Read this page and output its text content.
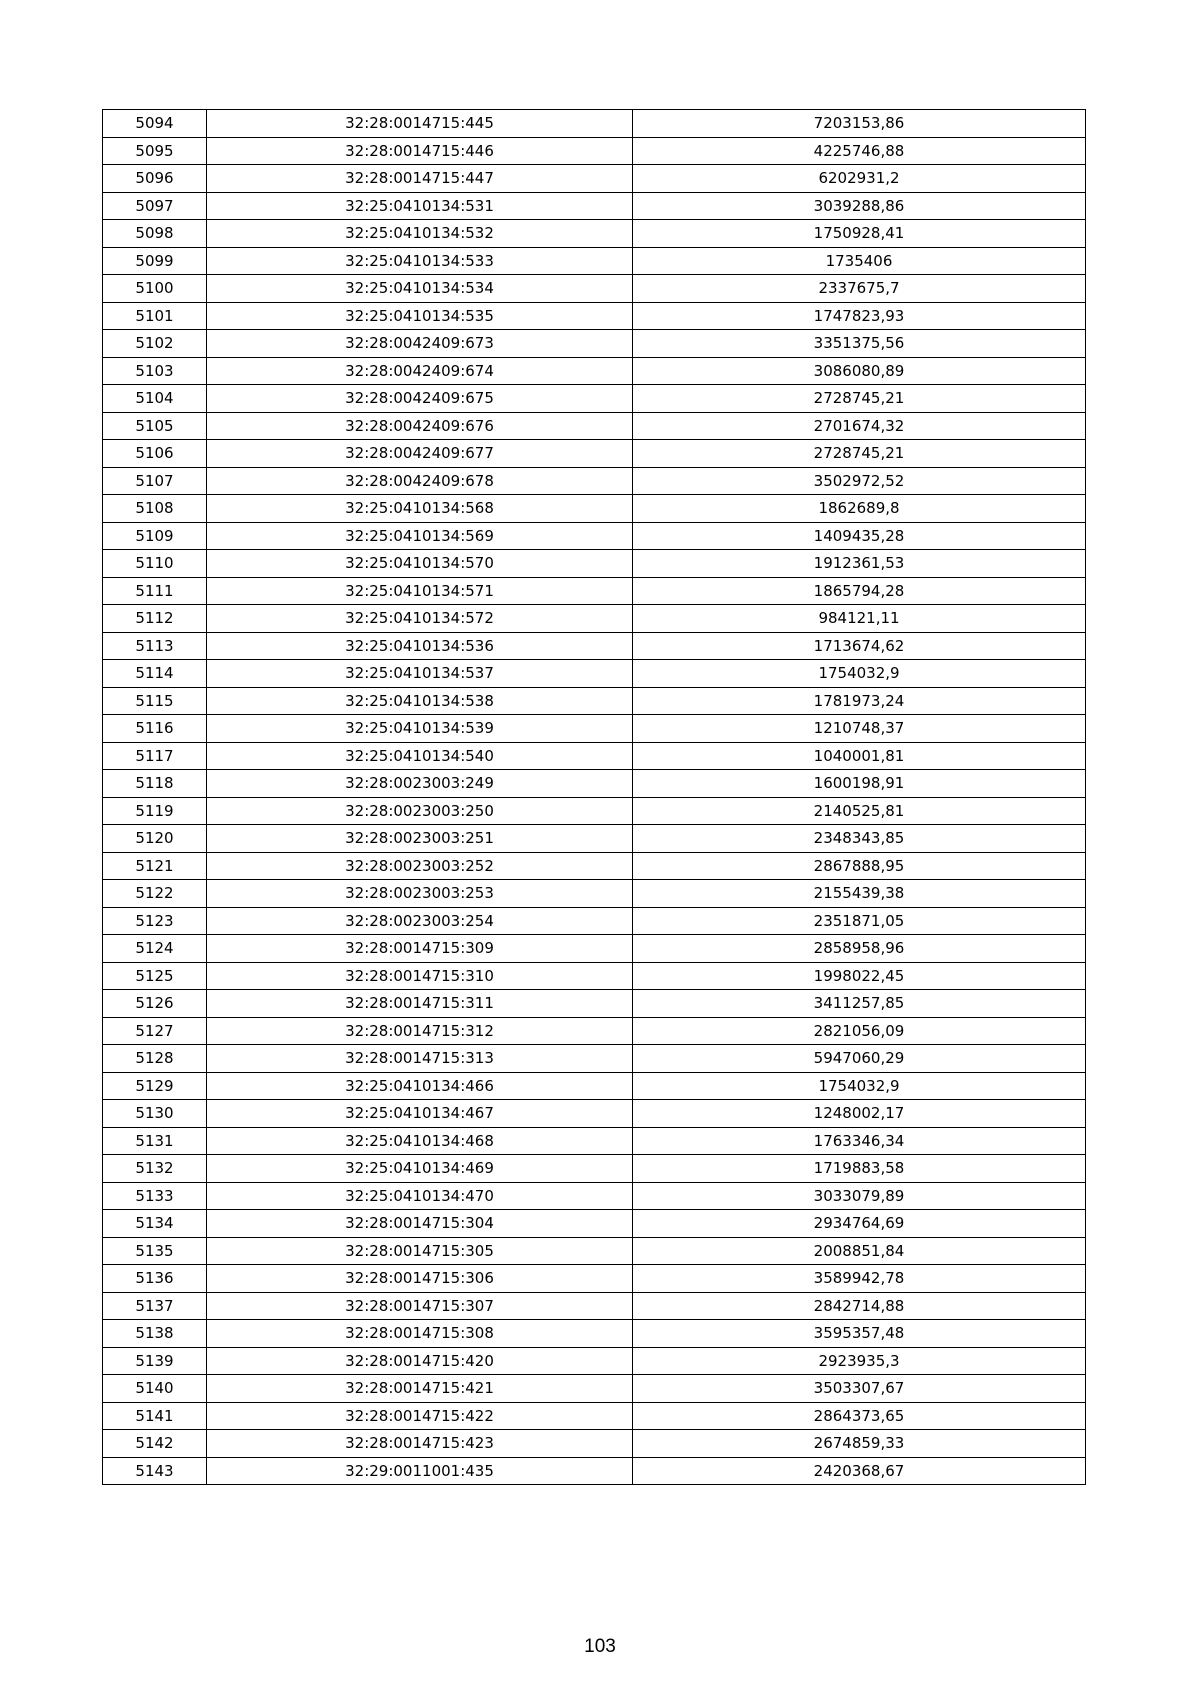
5094	32:28:0014715:445	7203153,86
5095	32:28:0014715:446	4225746,88
5096	32:28:0014715:447	6202931,2
5097	32:25:0410134:531	3039288,86
5098	32:25:0410134:532	1750928,41
5099	32:25:0410134:533	1735406
5100	32:25:0410134:534	2337675,7
5101	32:25:0410134:535	1747823,93
5102	32:28:0042409:673	3351375,56
5103	32:28:0042409:674	3086080,89
5104	32:28:0042409:675	2728745,21
5105	32:28:0042409:676	2701674,32
5106	32:28:0042409:677	2728745,21
5107	32:28:0042409:678	3502972,52
5108	32:25:0410134:568	1862689,8
5109	32:25:0410134:569	1409435,28
5110	32:25:0410134:570	1912361,53
5111	32:25:0410134:571	1865794,28
5112	32:25:0410134:572	984121,11
5113	32:25:0410134:536	1713674,62
5114	32:25:0410134:537	1754032,9
5115	32:25:0410134:538	1781973,24
5116	32:25:0410134:539	1210748,37
5117	32:25:0410134:540	1040001,81
5118	32:28:0023003:249	1600198,91
5119	32:28:0023003:250	2140525,81
5120	32:28:0023003:251	2348343,85
5121	32:28:0023003:252	2867888,95
5122	32:28:0023003:253	2155439,38
5123	32:28:0023003:254	2351871,05
5124	32:28:0014715:309	2858958,96
5125	32:28:0014715:310	1998022,45
5126	32:28:0014715:311	3411257,85
5127	32:28:0014715:312	2821056,09
5128	32:28:0014715:313	5947060,29
5129	32:25:0410134:466	1754032,9
5130	32:25:0410134:467	1248002,17
5131	32:25:0410134:468	1763346,34
5132	32:25:0410134:469	1719883,58
5133	32:25:0410134:470	3033079,89
5134	32:28:0014715:304	2934764,69
5135	32:28:0014715:305	2008851,84
5136	32:28:0014715:306	3589942,78
5137	32:28:0014715:307	2842714,88
5138	32:28:0014715:308	3595357,48
5139	32:28:0014715:420	2923935,3
5140	32:28:0014715:421	3503307,67
5141	32:28:0014715:422	2864373,65
5142	32:28:0014715:423	2674859,33
5143	32:29:0011001:435	2420368,67
103
